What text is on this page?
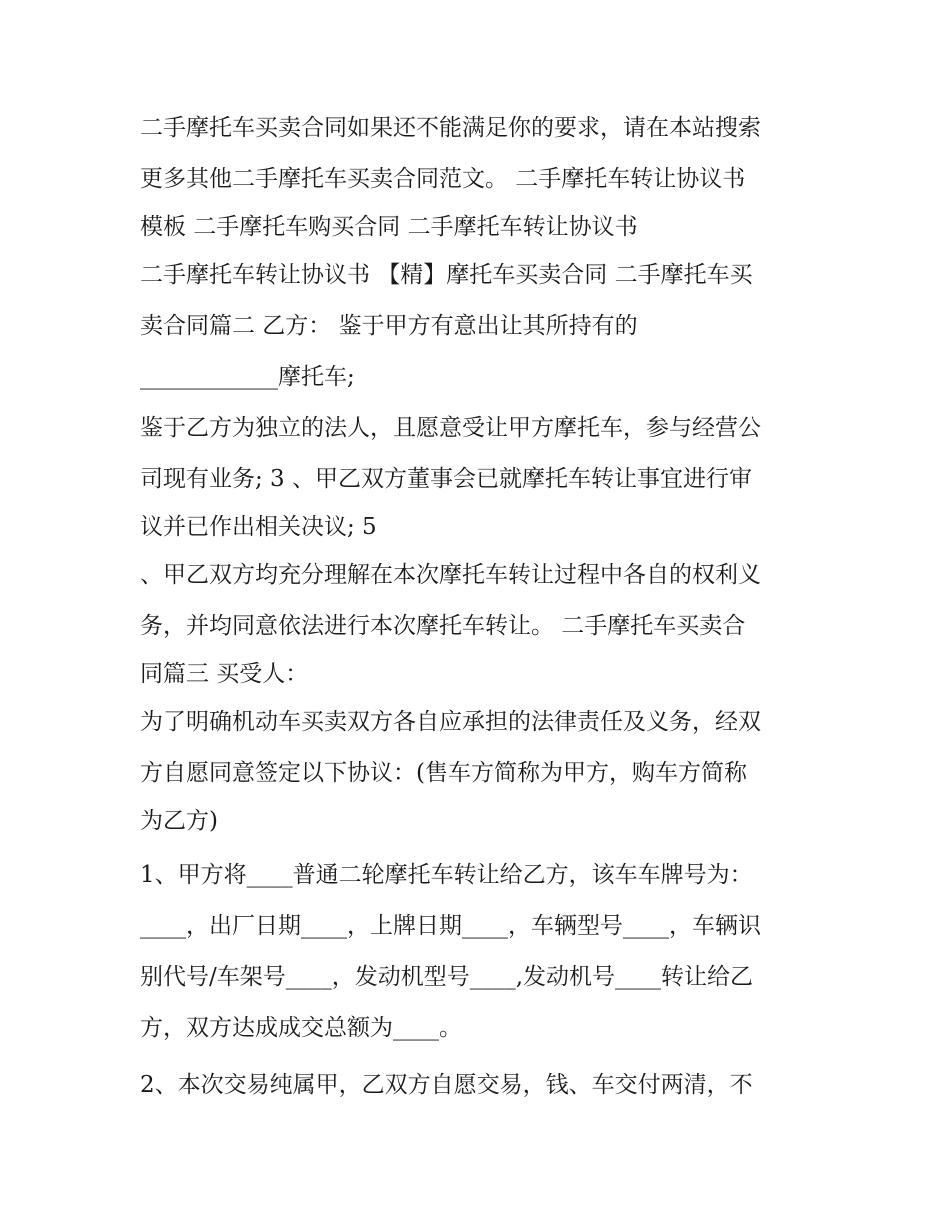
二手摩托车买卖合同如果还不能满足你的要求，请在本站搜索
更多其他二手摩托车买卖合同范文。 二手摩托车转让协议书
模板 二手摩托车购买合同 二手摩托车转让协议书
二手摩托车转让协议书 【精】摩托车买卖合同 二手摩托车买
卖合同篇二 乙方： 鉴于甲方有意出让其所持有的
____________摩托车;
鉴于乙方为独立的法人，且愿意受让甲方摩托车，参与经营公
司现有业务; 3 、甲乙双方董事会已就摩托车转让事宜进行审
议并已作出相关决议; 5
、甲乙双方均充分理解在本次摩托车转让过程中各自的权利义
务，并均同意依法进行本次摩托车转让。 二手摩托车买卖合
同篇三 买受人：
为了明确机动车买卖双方各自应承担的法律责任及义务，经双
方自愿同意签定以下协议：(售车方简称为甲方，购车方简称
为乙方)
1、甲方将____普通二轮摩托车转让给乙方，该车车牌号为：
____，出厂日期____，上牌日期____，车辆型号____，车辆识
别代号/车架号____，发动机型号____,发动机号____转让给乙
方，双方达成成交总额为____。
2、本次交易纯属甲，乙双方自愿交易，钱、车交付两清，不
